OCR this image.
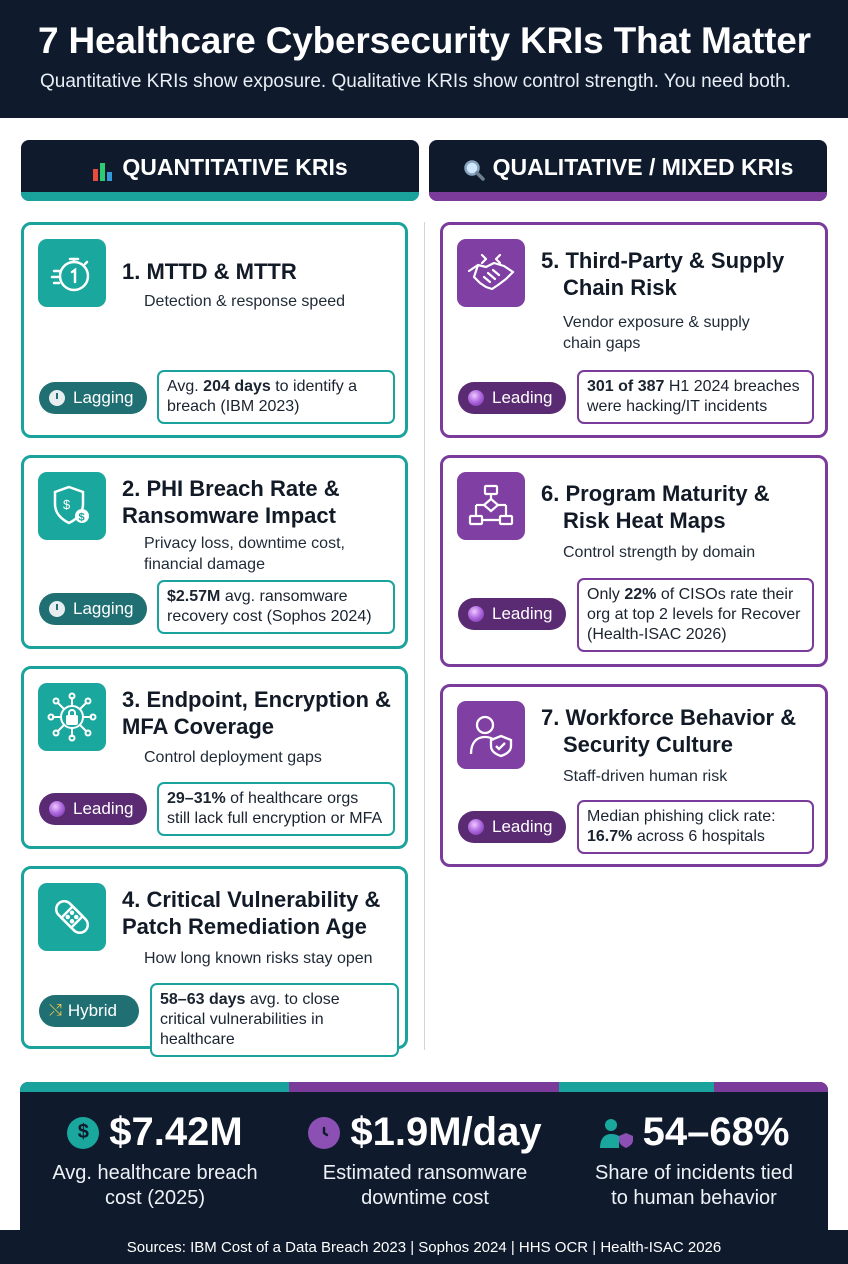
7 Healthcare Cybersecurity KRIs That Matter

Quantitative KRIs show exposure. Qualitative KRIs show control strength. You need both.

QUANTITATIVE KRIs	QUALITATIVE / MIXED KRIs
1. MTTD & MTTR
Detection & response speed
Lagging
Avg. 204 days to identify a breach (IBM 2023)
$
$
2. PHI Breach Rate &
Ransomware Impact
Privacy loss, downtime cost,
financial damage
Lagging
$2.57M avg. ransomware recovery cost (Sophos 2024)
3. Endpoint, Encryption &
MFA Coverage
Control deployment gaps
Leading
29–31% of healthcare orgs still lack full encryption or MFA
4. Critical Vulnerability &
Patch Remediation Age
How long known risks stay open
⤭ Hybrid
58–63 days avg. to close critical vulnerabilities in healthcare
5. Third-Party & Supply
Chain Risk
Vendor exposure & supply
chain gaps
Leading
301 of 387 H1 2024 breaches were hacking/IT incidents
6. Program Maturity &
Risk Heat Maps
Control strength by domain
Leading
Only 22% of CISOs rate their org at top 2 levels for Recover (Health-ISAC 2026)
7. Workforce Behavior &
Security Culture
Staff-driven human risk
Leading
Median phishing click rate: 16.7% across 6 hospitals
$ $7.42M
Avg. healthcare breach
cost (2025)
$1.9M/day
Estimated ransomware
downtime cost
54–68%
Share of incidents tied
to human behavior
Sources: IBM Cost of a Data Breach 2023 | Sophos 2024 | HHS OCR | Health-ISAC 2026
